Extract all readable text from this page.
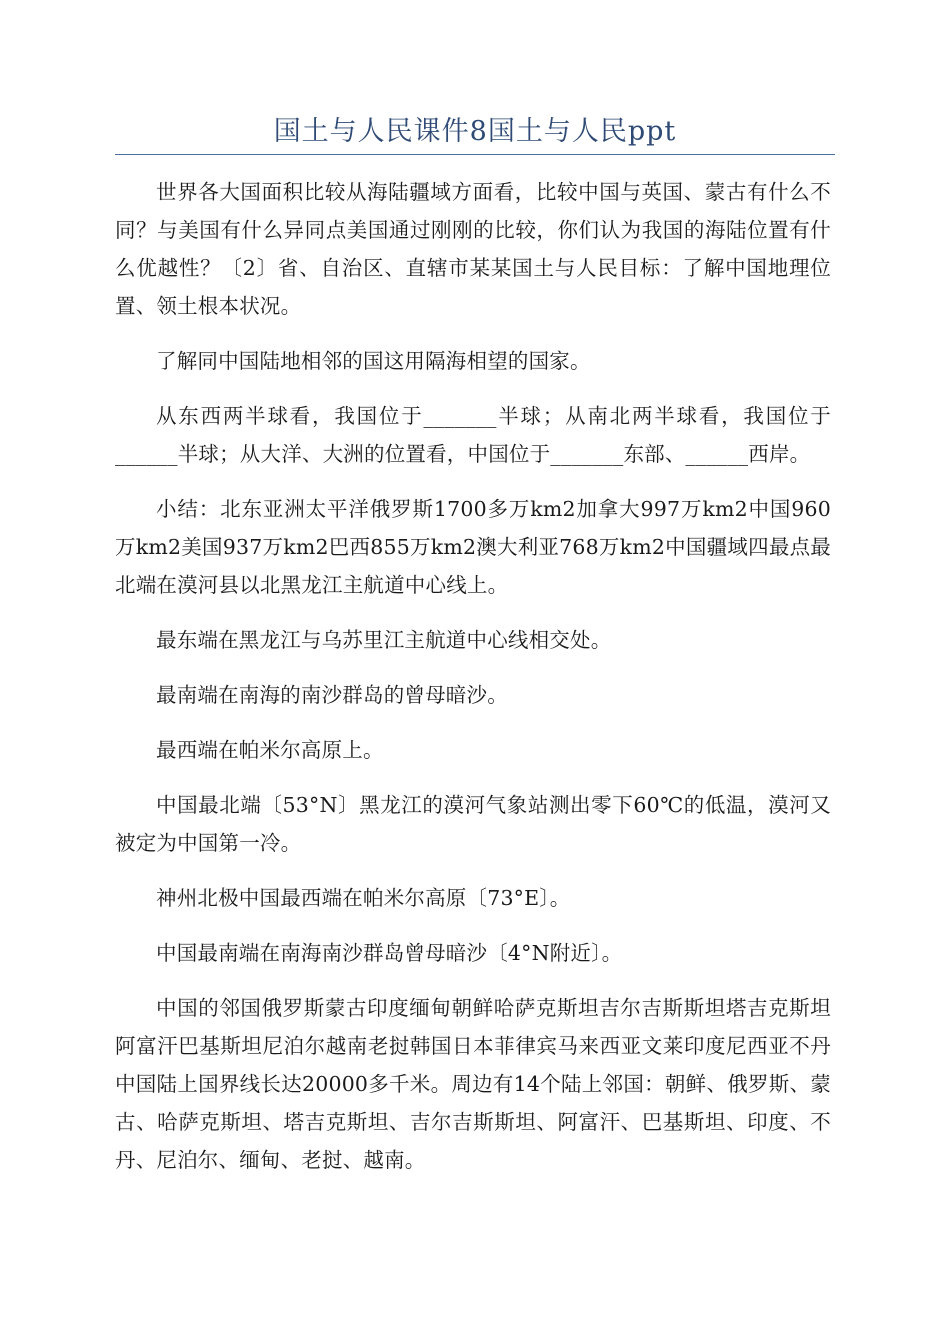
国土与人民课件8国土与人民ppt

世界各大国面积比较从海陆疆域方面看，比较中国与英国、蒙古有什么不同？与美国有什么异同点美国通过刚刚的比较，你们认为我国的海陆位置有什么优越性？〔2〕省、自治区、直辖市某某国土与人民目标：了解中国地理位置、领土根本状况。

了解同中国陆地相邻的国这用隔海相望的国家。

从东西两半球看，我国位于_______半球；从南北两半球看，我国位于______半球；从大洋、大洲的位置看，中国位于_______东部、______西岸。

小结：北东亚洲太平洋俄罗斯1700多万km2加拿大997万km2中国960万km2美国937万km2巴西855万km2澳大利亚768万km2中国疆域四最点最北端在漠河县以北黑龙江主航道中心线上。

最东端在黑龙江与乌苏里江主航道中心线相交处。

最南端在南海的南沙群岛的曾母暗沙。

最西端在帕米尔高原上。

中国最北端〔53°N〕黑龙江的漠河气象站测出零下60℃的低温，漠河又被定为中国第一冷。

神州北极中国最西端在帕米尔高原〔73°E〕。

中国最南端在南海南沙群岛曾母暗沙〔4°N附近〕。

中国的邻国俄罗斯蒙古印度缅甸朝鲜哈萨克斯坦吉尔吉斯斯坦塔吉克斯坦阿富汗巴基斯坦尼泊尔越南老挝韩国日本菲律宾马来西亚文莱印度尼西亚不丹中国陆上国界线长达20000多千米。周边有14个陆上邻国：朝鲜、俄罗斯、蒙古、哈萨克斯坦、塔吉克斯坦、吉尔吉斯斯坦、阿富汗、巴基斯坦、印度、不丹、尼泊尔、缅甸、老挝、越南。
